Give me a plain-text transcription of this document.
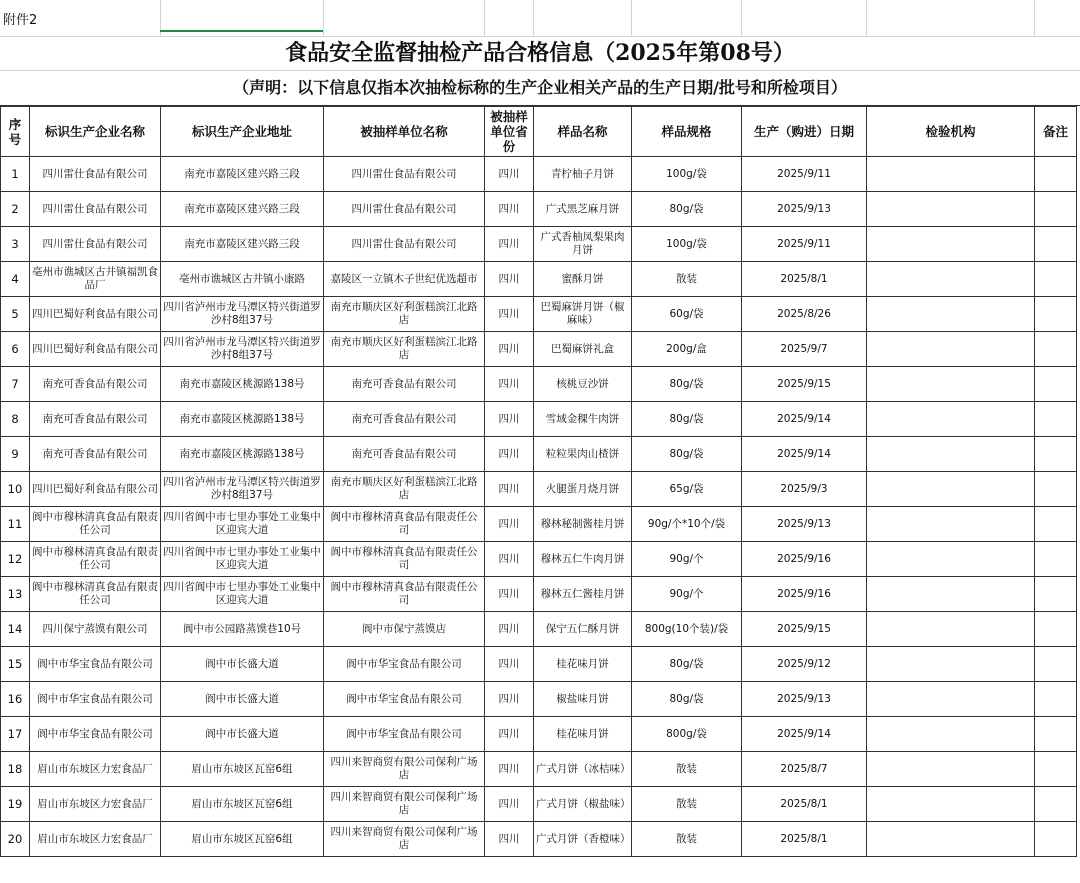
附件2
食品安全监督抽检产品合格信息（2025年第08号）
（声明：以下信息仅指本次抽检标称的生产企业相关产品的生产日期/批号和所检项目）
序号	标识生产企业名称	标识生产企业地址	被抽样单位名称	被抽样单位省份	样品名称	样品规格	生产（购进）日期	检验机构	备注
1	四川雷仕食品有限公司	南充市嘉陵区建兴路三段	四川雷仕食品有限公司	四川	青柠柚子月饼	100g/袋	2025/9/11		
2	四川雷仕食品有限公司	南充市嘉陵区建兴路三段	四川雷仕食品有限公司	四川	广式黑芝麻月饼	80g/袋	2025/9/13		
3	四川雷仕食品有限公司	南充市嘉陵区建兴路三段	四川雷仕食品有限公司	四川	广式香柚凤梨果肉月饼	100g/袋	2025/9/11		
4	亳州市谯城区古井镇福凯食品厂	亳州市谯城区古井镇小康路	嘉陵区一立镇木子世纪优选超市	四川	蜜酥月饼	散装	2025/8/1		
5	四川巴蜀好利食品有限公司	四川省泸州市龙马潭区特兴街道罗沙村8组37号	南充市顺庆区好利蛋糕滨江北路店	四川	巴蜀麻饼月饼（椒麻味）	60g/袋	2025/8/26		
6	四川巴蜀好利食品有限公司	四川省泸州市龙马潭区特兴街道罗沙村8组37号	南充市顺庆区好利蛋糕滨江北路店	四川	巴蜀麻饼礼盒	200g/盒	2025/9/7		
7	南充可香食品有限公司	南充市嘉陵区桃源路138号	南充可香食品有限公司	四川	核桃豆沙饼	80g/袋	2025/9/15		
8	南充可香食品有限公司	南充市嘉陵区桃源路138号	南充可香食品有限公司	四川	雪域金稞牛肉饼	80g/袋	2025/9/14		
9	南充可香食品有限公司	南充市嘉陵区桃源路138号	南充可香食品有限公司	四川	粒粒果肉山楂饼	80g/袋	2025/9/14		
10	四川巴蜀好利食品有限公司	四川省泸州市龙马潭区特兴街道罗沙村8组37号	南充市顺庆区好利蛋糕滨江北路店	四川	火腿蛋月烧月饼	65g/袋	2025/9/3		
11	阆中市穆林清真食品有限责任公司	四川省阆中市七里办事处工业集中区迎宾大道	阆中市穆林清真食品有限责任公司	四川	穆林秘制酱桂月饼	90g/个*10个/袋	2025/9/13		
12	阆中市穆林清真食品有限责任公司	四川省阆中市七里办事处工业集中区迎宾大道	阆中市穆林清真食品有限责任公司	四川	穆林五仁牛肉月饼	90g/个	2025/9/16		
13	阆中市穆林清真食品有限责任公司	四川省阆中市七里办事处工业集中区迎宾大道	阆中市穆林清真食品有限责任公司	四川	穆林五仁酱桂月饼	90g/个	2025/9/16		
14	四川保宁蒸馍有限公司	阆中市公园路蒸馍巷10号	阆中市保宁蒸馍店	四川	保宁五仁酥月饼	800g(10个装)/袋	2025/9/15		
15	阆中市华宝食品有限公司	阆中市长盛大道	阆中市华宝食品有限公司	四川	桂花味月饼	80g/袋	2025/9/12		
16	阆中市华宝食品有限公司	阆中市长盛大道	阆中市华宝食品有限公司	四川	椒盐味月饼	80g/袋	2025/9/13		
17	阆中市华宝食品有限公司	阆中市长盛大道	阆中市华宝食品有限公司	四川	桂花味月饼	800g/袋	2025/9/14		
18	眉山市东坡区力宏食品厂	眉山市东坡区瓦窑6组	四川来智商贸有限公司保利广场店	四川	广式月饼（冰桔味）	散装	2025/8/7		
19	眉山市东坡区力宏食品厂	眉山市东坡区瓦窑6组	四川来智商贸有限公司保利广场店	四川	广式月饼（椒盐味）	散装	2025/8/1		
20	眉山市东坡区力宏食品厂	眉山市东坡区瓦窑6组	四川来智商贸有限公司保利广场店	四川	广式月饼（香橙味）	散装	2025/8/1		
